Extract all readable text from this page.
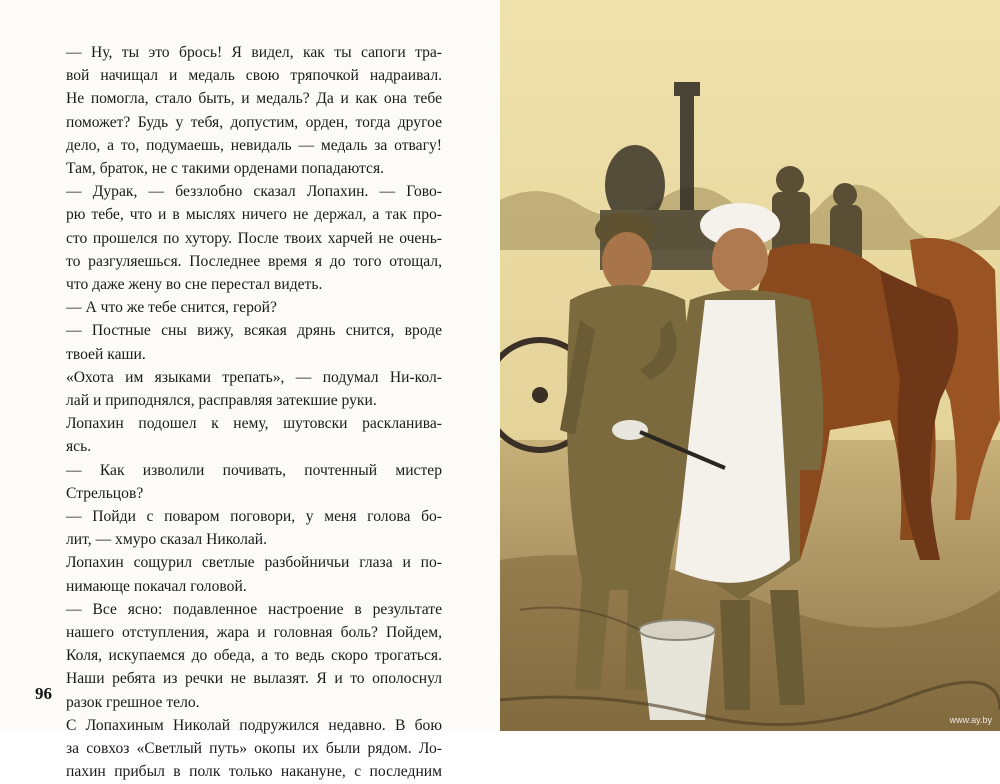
— Ну, ты это брось! Я видел, как ты сапоги тра-

вой начищал и медаль свою тряпочкой надраивал.

Не помогла, стало быть, и медаль? Да и как она тебе

поможет? Будь у тебя, допустим, орден, тогда другое

дело, а то, подумаешь, невидаль — медаль за отвагу!

Там, браток, не с такими орденами попадаются.

— Дурак, — беззлобно сказал Лопахин. — Гово-

рю тебе, что и в мыслях ничего не держал, а так про-

сто прошелся по хутору. После твоих харчей не очень-

то разгуляешься. Последнее время я до того отощал,

что даже жену во сне перестал видеть.

— А что же тебе снится, герой?

— Постные сны вижу, всякая дрянь снится, вроде

твоей каши.

«Охота им языками трепать», — подумал Ни-кол-

лай и приподнялся, расправляя затекшие руки.

Лопахин подошел к нему, шутовски раскланива-

ясь.

— Как изволили почивать, почтенный мистер

Стрельцов?

— Пойди с поваром поговори, у меня голова бо-

лит, — хмуро сказал Николай.

Лопахин сощурил светлые разбойничьи глаза и по-

нимающе покачал головой.

— Все ясно: подавленное настроение в результате

нашего отступления, жара и головная боль? Пойдем,

Коля, искупаемся до обеда, а то ведь скоро трогаться.

Наши ребята из речки не вылазят. Я и то ополоснул

разок грешное тело.

С Лопахиным Николай подружился недавно. В бою

за совхоз «Светлый путь» окопы их были рядом. Ло-

пахин прибыл в полк только накануне, с последним

96
www.ay.by
